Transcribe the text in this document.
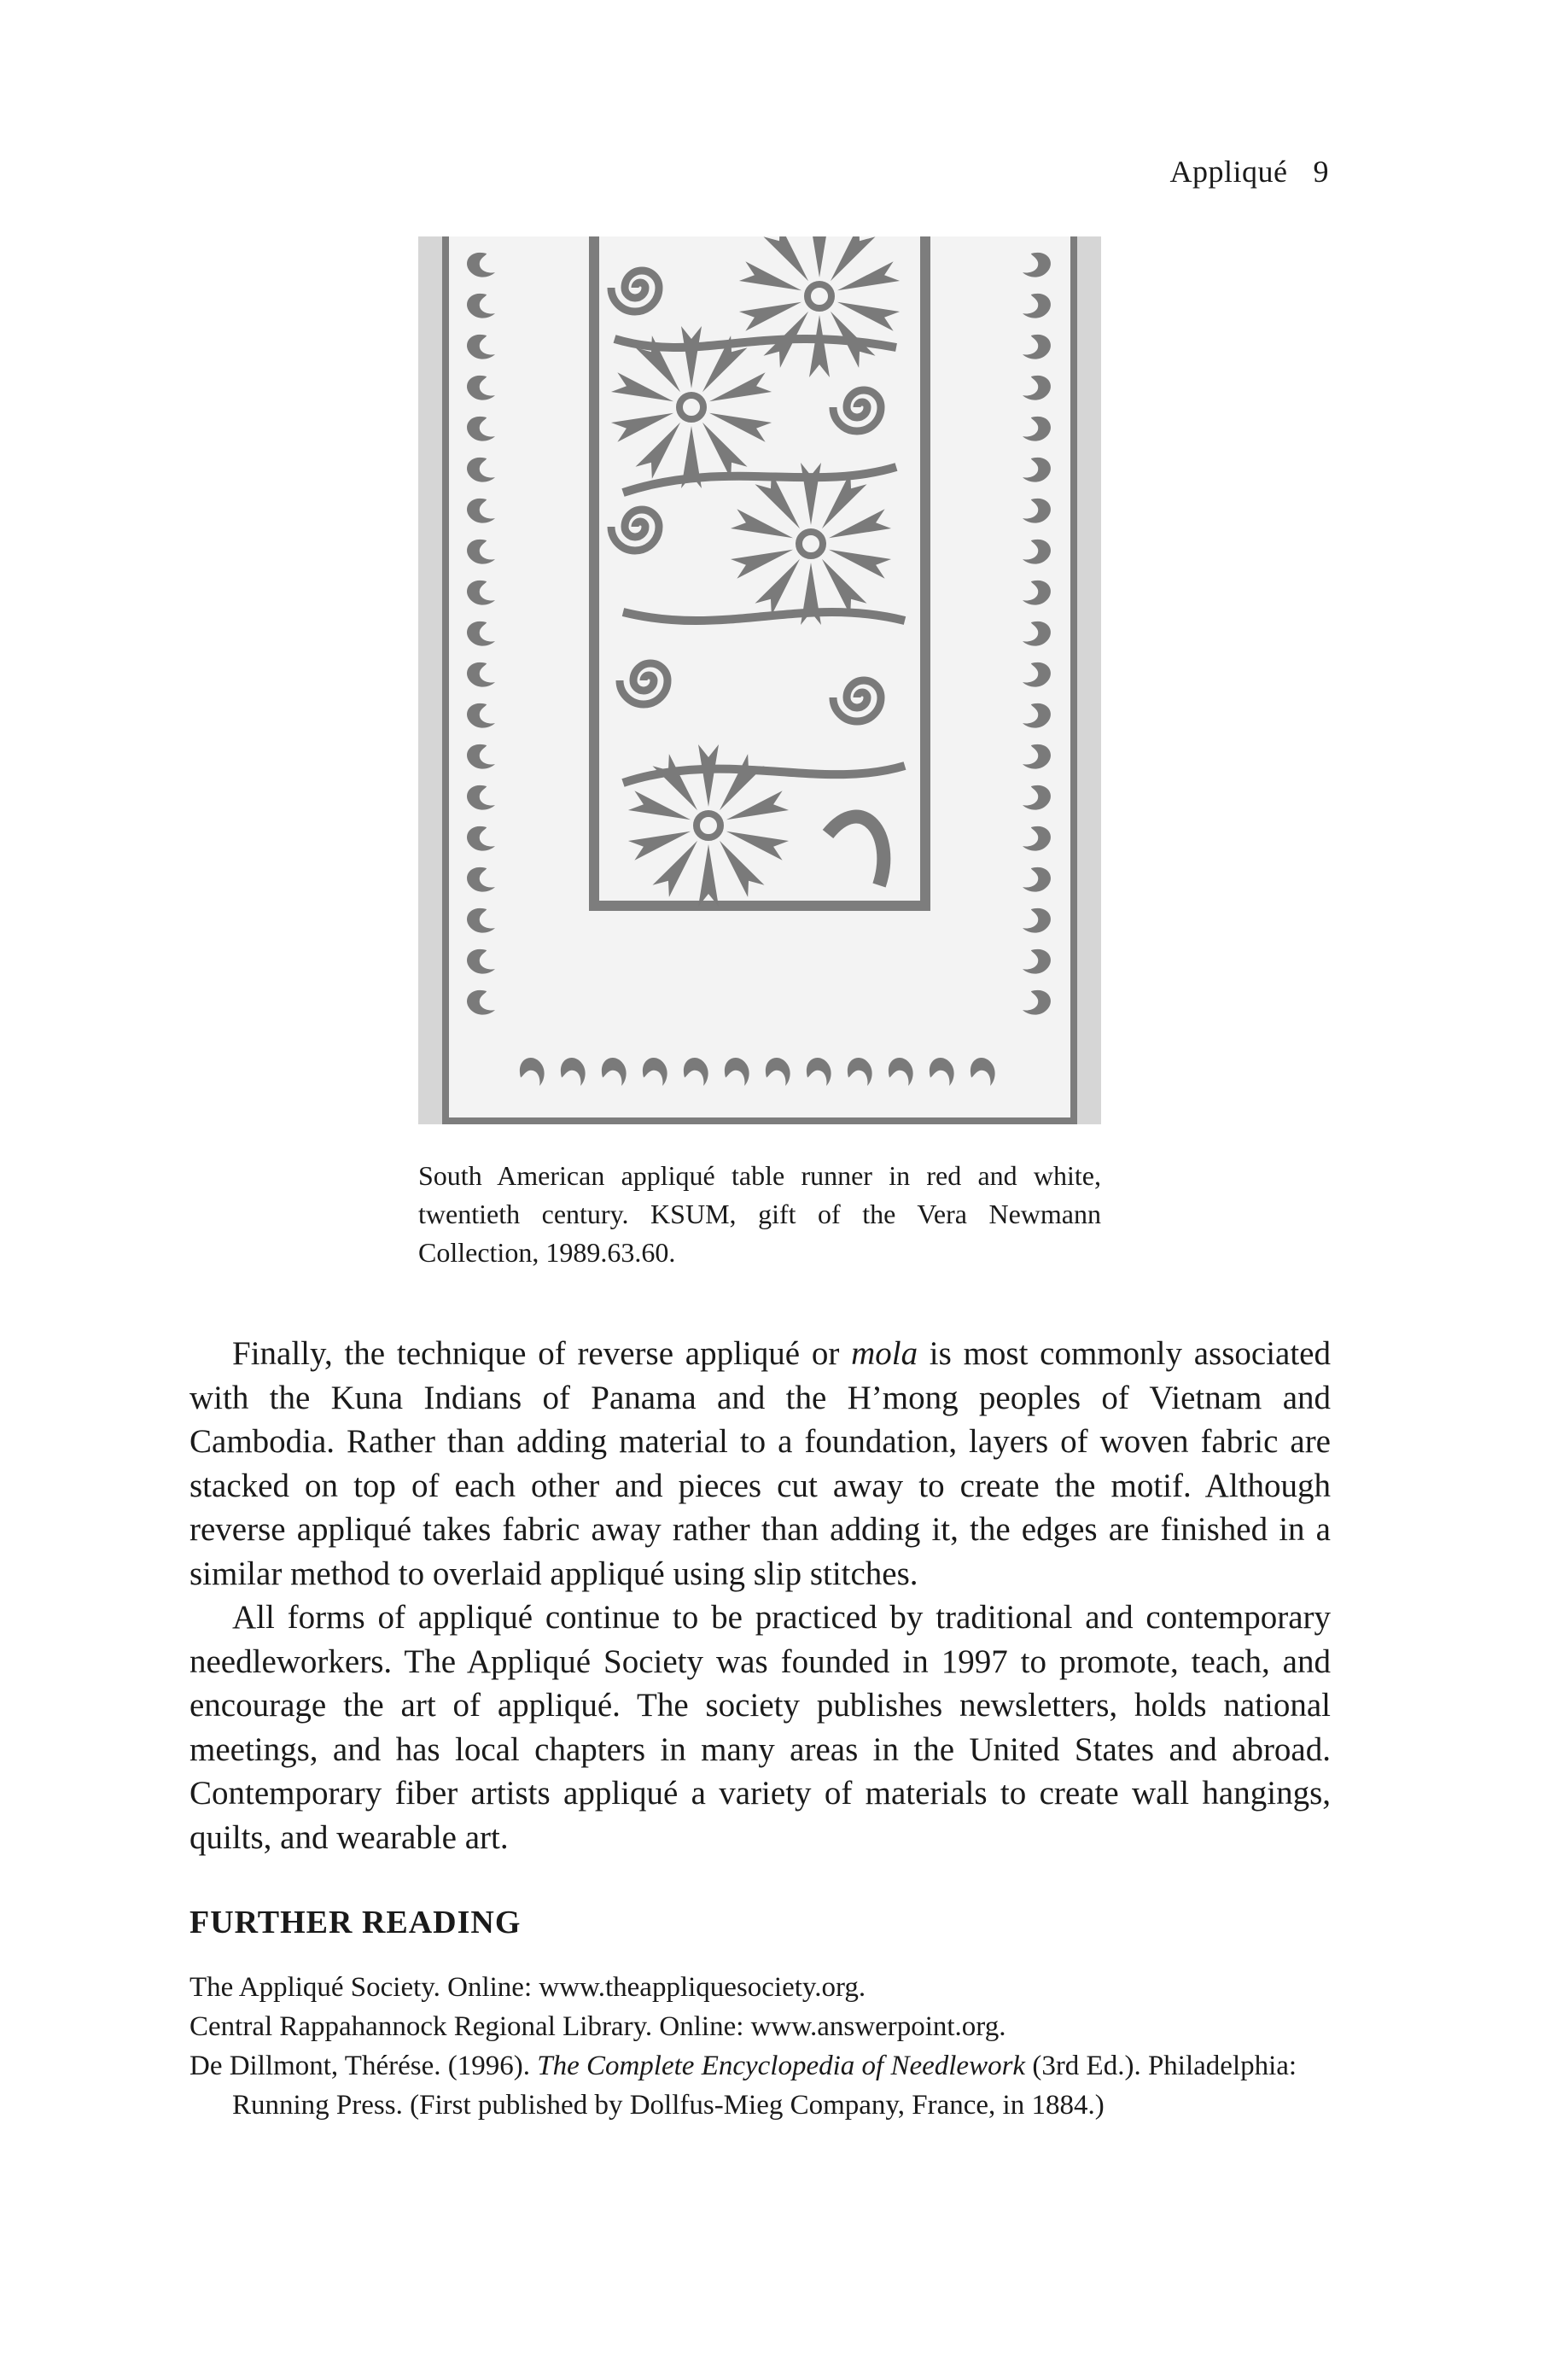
Appliqué 9
South American appliqué table runner in red and white,
twentieth century. KSUM, gift of the Vera Newmann
Collection, 1989.63.60.

Finally, the technique of reverse appliqué or mola is most commonly associated with the Kuna Indians of Panama and the H’mong peoples of Vietnam and Cambodia. Rather than adding material to a foundation, layers of woven fabric are stacked on top of each other and pieces cut away to create the motif. Although reverse appliqué takes fabric away rather than adding it, the edges are finished in a similar method to overlaid appliqué using slip stitches.

All forms of appliqué continue to be practiced by traditional and contemporary needleworkers. The Appliqué Society was founded in 1997 to promote, teach, and encourage the art of appliqué. The society publishes newsletters, holds national meetings, and has local chapters in many areas in the United States and abroad. Contemporary fiber artists appliqué a variety of materials to create wall hangings, quilts, and wearable art.

FURTHER READING
The Appliqué Society. Online: www.theappliquesociety.org.
Central Rappahannock Regional Library. Online: www.answerpoint.org.
De Dillmont, Thérése. (1996). The Complete Encyclopedia of Needlework (3rd Ed.). Philadelphia: Running Press. (First published by Dollfus-Mieg Company, France, in 1884.)
